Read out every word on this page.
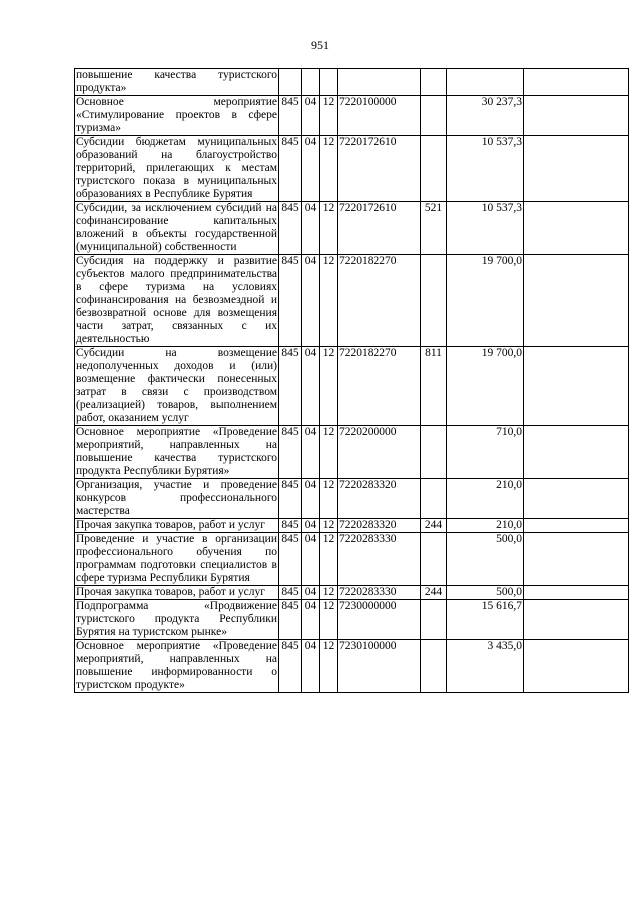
951
повышение качества туристского продукта»							
Основное мероприятие «Стимулирование проектов в сфере туризма»	845	04	12	7220100000		30 237,3	
Субсидии бюджетам муниципальных образований на благоустройство территорий, прилегающих к местам туристского показа в муниципальных образованиях в Республике Бурятия	845	04	12	7220172610		10 537,3	
Субсидии, за исключением субсидий на софинансирование капитальных вложений в объекты государственной (муниципальной) собственности	845	04	12	7220172610	521	10 537,3	
Субсидия на поддержку и развитие субъектов малого предпринимательства в сфере туризма на условиях софинансирования на безвозмездной и безвозвратной основе для возмещения части затрат, связанных с их деятельностью	845	04	12	7220182270		19 700,0	
Субсидии на возмещение недополученных доходов и (или) возмещение фактически понесенных затрат в связи с производством (реализацией) товаров, выполнением работ, оказанием услуг	845	04	12	7220182270	811	19 700,0	
Основное мероприятие «Проведение мероприятий, направленных на повышение качества туристского продукта Республики Бурятия»	845	04	12	7220200000		710,0	
Организация, участие и проведение конкурсов профессионального мастерства	845	04	12	7220283320		210,0	
Прочая закупка товаров, работ и услуг	845	04	12	7220283320	244	210,0	
Проведение и участие в организации профессионального обучения по программам подготовки специалистов в сфере туризма Республики Бурятия	845	04	12	7220283330		500,0	
Прочая закупка товаров, работ и услуг	845	04	12	7220283330	244	500,0	
Подпрограмма «Продвижение туристского продукта Республики Бурятия на туристском рынке»	845	04	12	7230000000		15 616,7	
Основное мероприятие «Проведение мероприятий, направленных на повышение информированности о туристском продукте»	845	04	12	7230100000		3 435,0	
